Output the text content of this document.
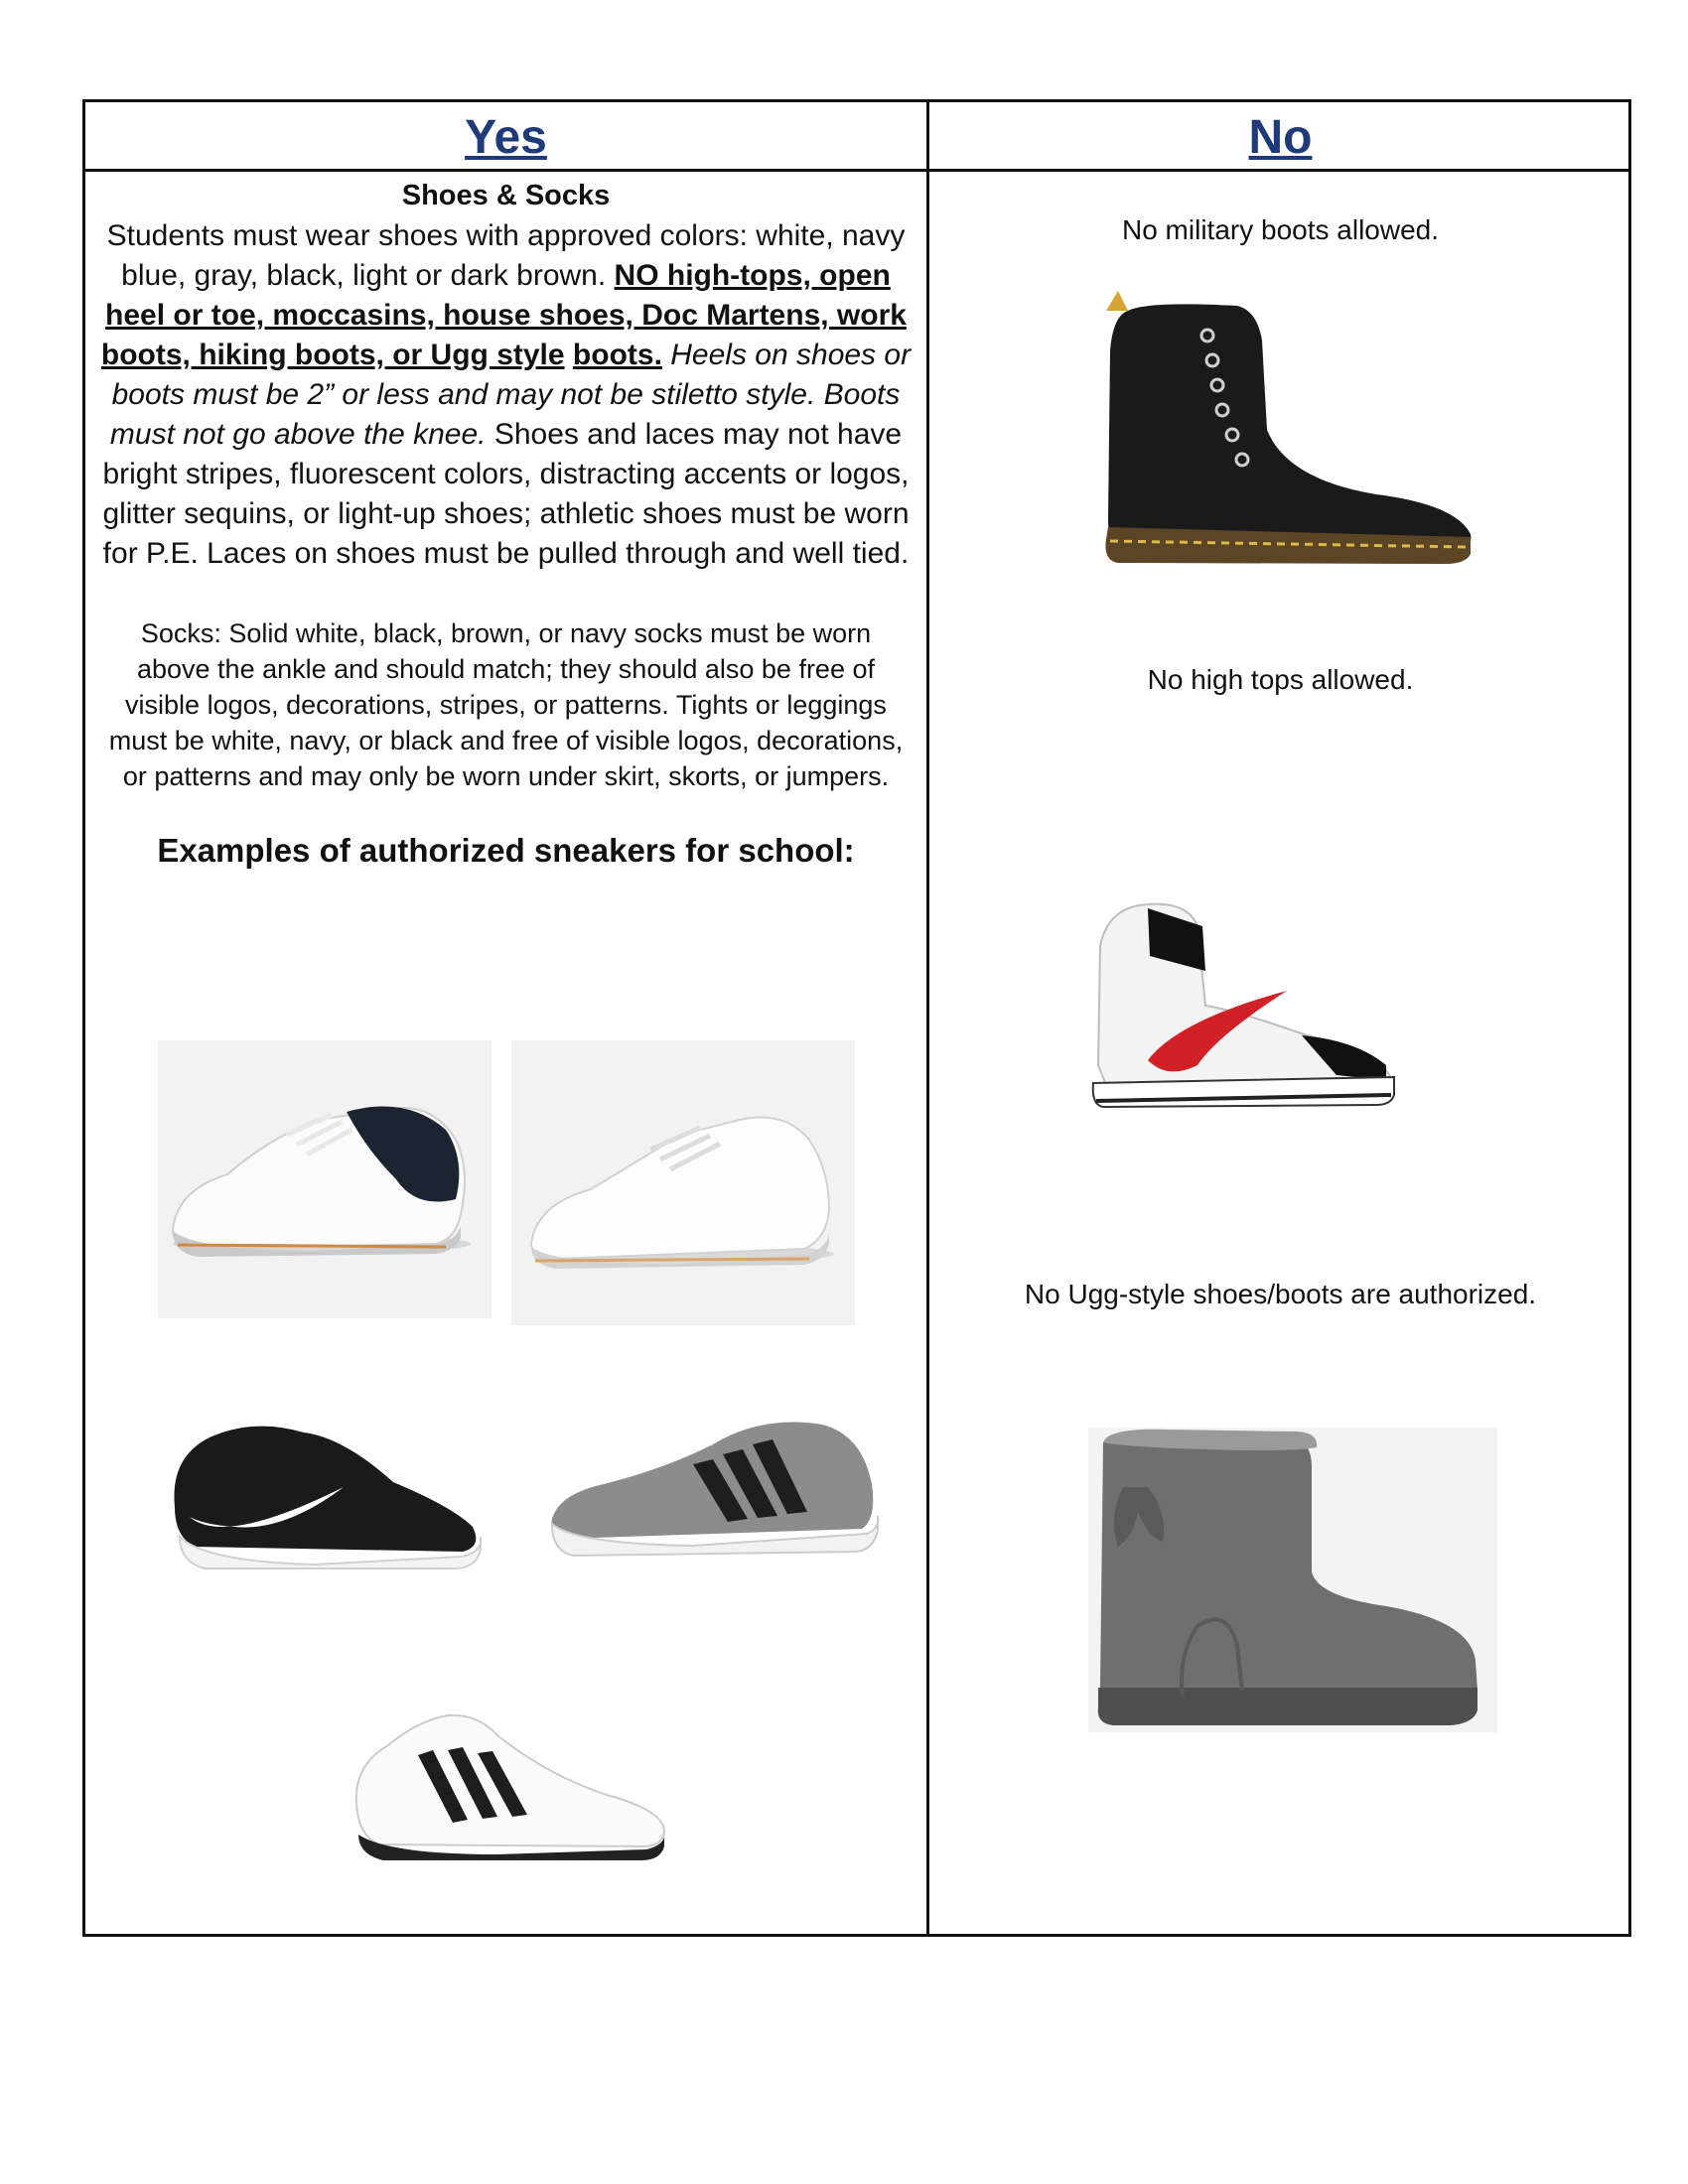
Yes	No
Shoes & Socks
Students must wear shoes with approved colors: white, navy blue, gray, black, light or dark brown. NO high-tops, open heel or toe, moccasins, house shoes, Doc Martens, work boots, hiking boots, or Ugg style boots. Heels on shoes or boots must be 2” or less and may not be stiletto style. Boots must not go above the knee. Shoes and laces may not have bright stripes, fluorescent colors, distracting accents or logos, glitter sequins, or light-up shoes; athletic shoes must be worn for P.E. Laces on shoes must be pulled through and well tied.
Socks: Solid white, black, brown, or navy socks must be worn above the ankle and should match; they should also be free of visible logos, decorations, stripes, or patterns. Tights or leggings must be white, navy, or black and free of visible logos, decorations, or patterns and may only be worn under skirt, skorts, or jumpers.
Examples of authorized sneakers for school:
No military boots allowed.
No high tops allowed.
No Ugg-style shoes/boots are authorized.
